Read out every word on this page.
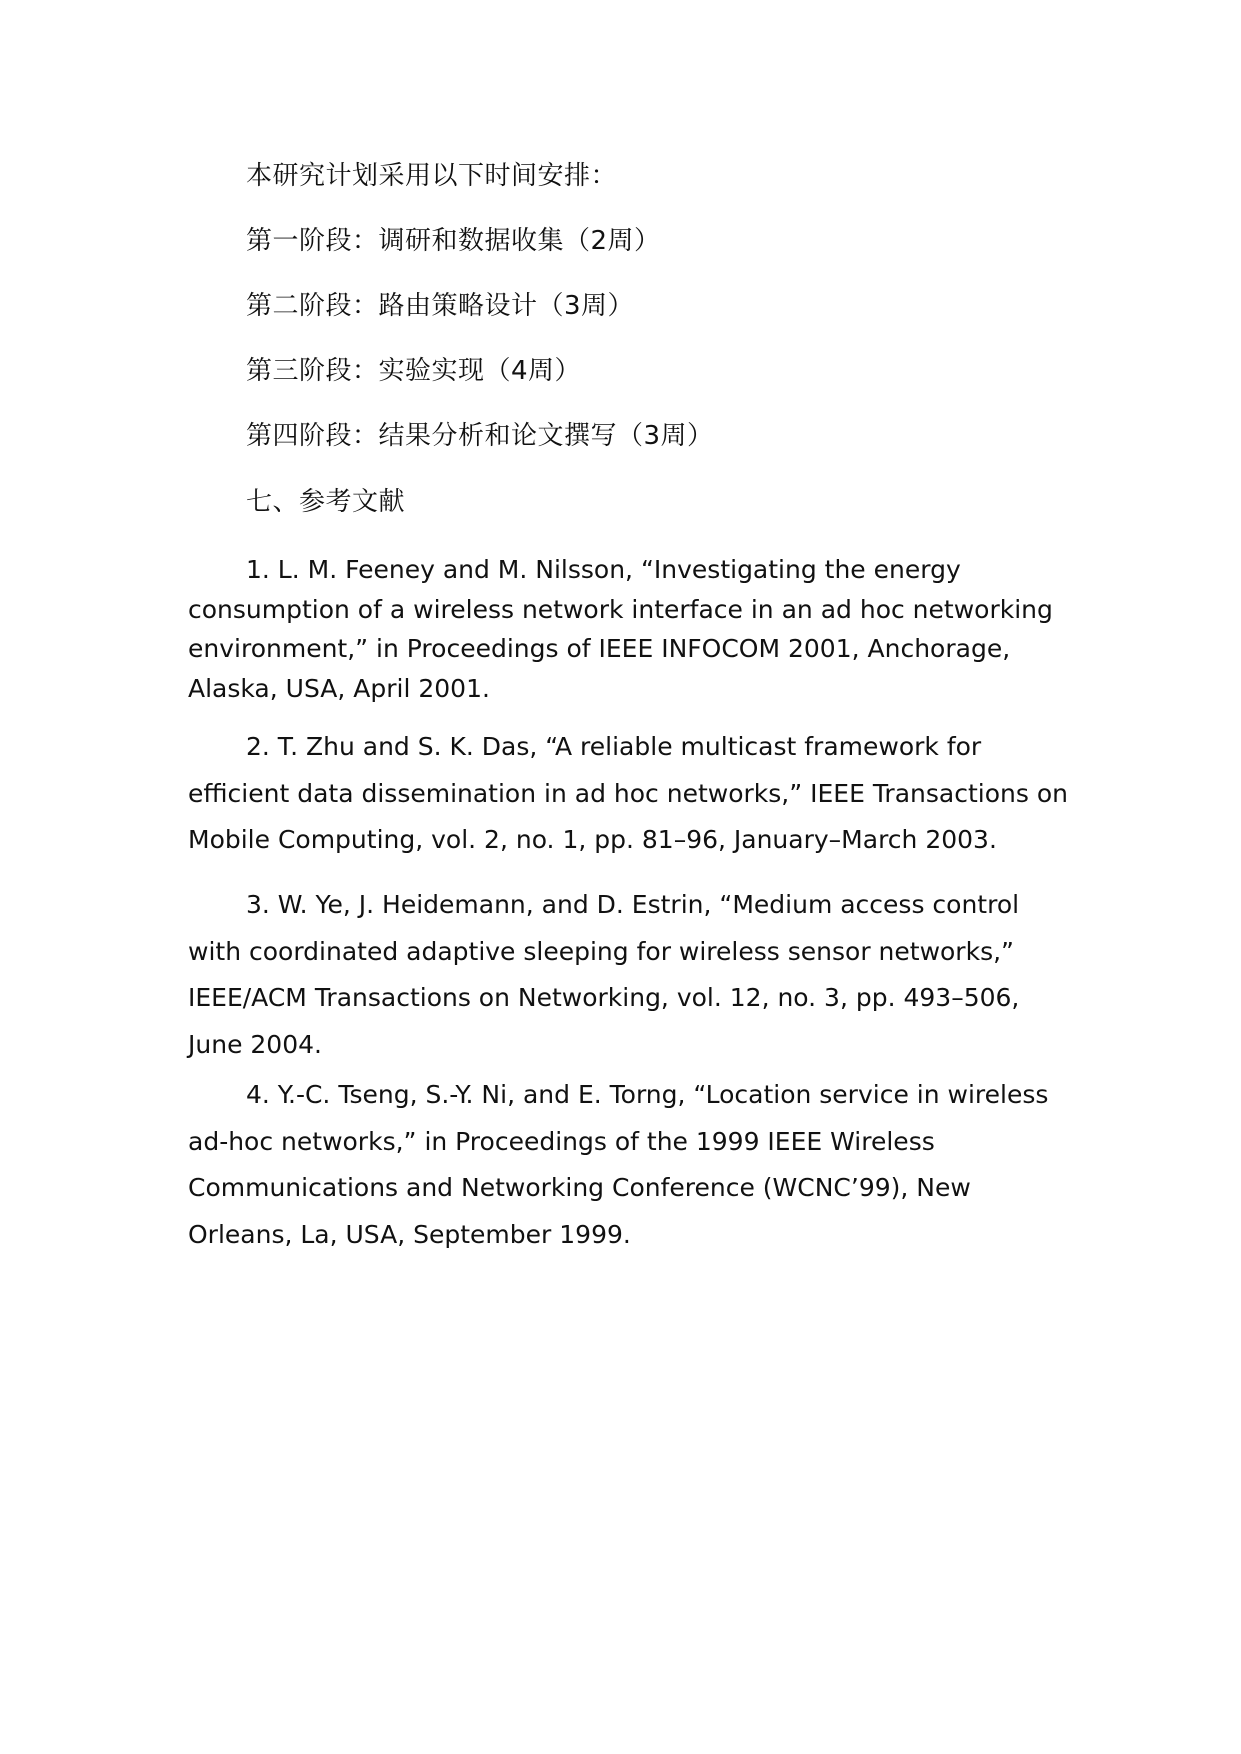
本研究计划采用以下时间安排：
第一阶段：调研和数据收集（2周）
第二阶段：路由策略设计（3周）
第三阶段：实验实现（4周）
第四阶段：结果分析和论文撰写（3周）
七、参考文献

1. L. M. Feeney and M. Nilsson, “Investigating the energy consumption of a wireless network interface in an ad hoc networking environment,” in Proceedings of IEEE INFOCOM 2001, Anchorage, Alaska, USA, April 2001.

2. T. Zhu and S. K. Das, “A reliable multicast framework for efficient data dissemination in ad hoc networks,” IEEE Transactions on Mobile Computing, vol. 2, no. 1, pp. 81–96, January–March 2003.

3. W. Ye, J. Heidemann, and D. Estrin, “Medium access control with coordinated adaptive sleeping for wireless sensor networks,” IEEE/ACM Transactions on Networking, vol. 12, no. 3, pp. 493–506, June 2004.

4. Y.-C. Tseng, S.-Y. Ni, and E. Torng, “Location service in wireless ad-hoc networks,” in Proceedings of the 1999 IEEE Wireless Communications and Networking Conference (WCNC’99), New Orleans, La, USA, September 1999.
